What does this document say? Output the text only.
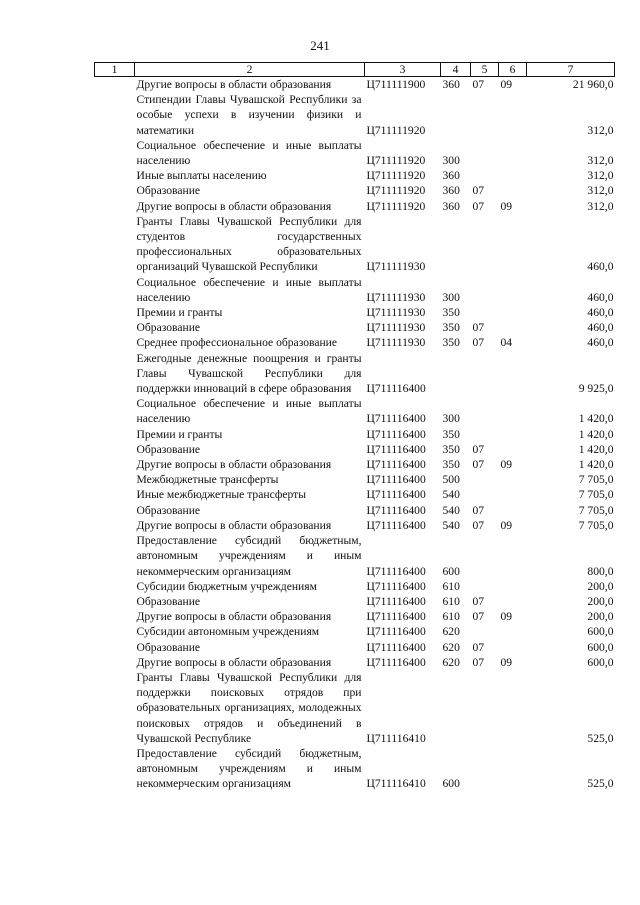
241
1	2	3	4	5	6	7
	Другие вопросы в области образования	Ц711111900	360	07	09	21 960,0
	Стипендии Главы Чувашской Республики за особые успехи в изучении физики и математики	Ц711111920				312,0
	Социальное обеспечение и иные выплаты населению	Ц711111920	300			312,0
	Иные выплаты населению	Ц711111920	360			312,0
	Образование	Ц711111920	360	07		312,0
	Другие вопросы в области образования	Ц711111920	360	07	09	312,0
	Гранты Главы Чувашской Республики для студентов государственных профессиональных образовательных организаций Чувашской Республики	Ц711111930				460,0
	Социальное обеспечение и иные выплаты населению	Ц711111930	300			460,0
	Премии и гранты	Ц711111930	350			460,0
	Образование	Ц711111930	350	07		460,0
	Среднее профессиональное образование	Ц711111930	350	07	04	460,0
	Ежегодные денежные поощрения и гранты Главы Чувашской Республики для поддержки инноваций в сфере образования	Ц711116400				9 925,0
	Социальное обеспечение и иные выплаты населению	Ц711116400	300			1 420,0
	Премии и гранты	Ц711116400	350			1 420,0
	Образование	Ц711116400	350	07		1 420,0
	Другие вопросы в области образования	Ц711116400	350	07	09	1 420,0
	Межбюджетные трансферты	Ц711116400	500			7 705,0
	Иные межбюджетные трансферты	Ц711116400	540			7 705,0
	Образование	Ц711116400	540	07		7 705,0
	Другие вопросы в области образования	Ц711116400	540	07	09	7 705,0
	Предоставление субсидий бюджетным, автономным учреждениям и иным некоммерческим организациям	Ц711116400	600			800,0
	Субсидии бюджетным учреждениям	Ц711116400	610			200,0
	Образование	Ц711116400	610	07		200,0
	Другие вопросы в области образования	Ц711116400	610	07	09	200,0
	Субсидии автономным учреждениям	Ц711116400	620			600,0
	Образование	Ц711116400	620	07		600,0
	Другие вопросы в области образования	Ц711116400	620	07	09	600,0
	Гранты Главы Чувашской Республики для поддержки поисковых отрядов при образовательных организациях, молодежных поисковых отрядов и объединений в Чувашской Республике	Ц711116410				525,0
	Предоставление субсидий бюджетным, автономным учреждениям и иным некоммерческим организациям	Ц711116410	600			525,0
